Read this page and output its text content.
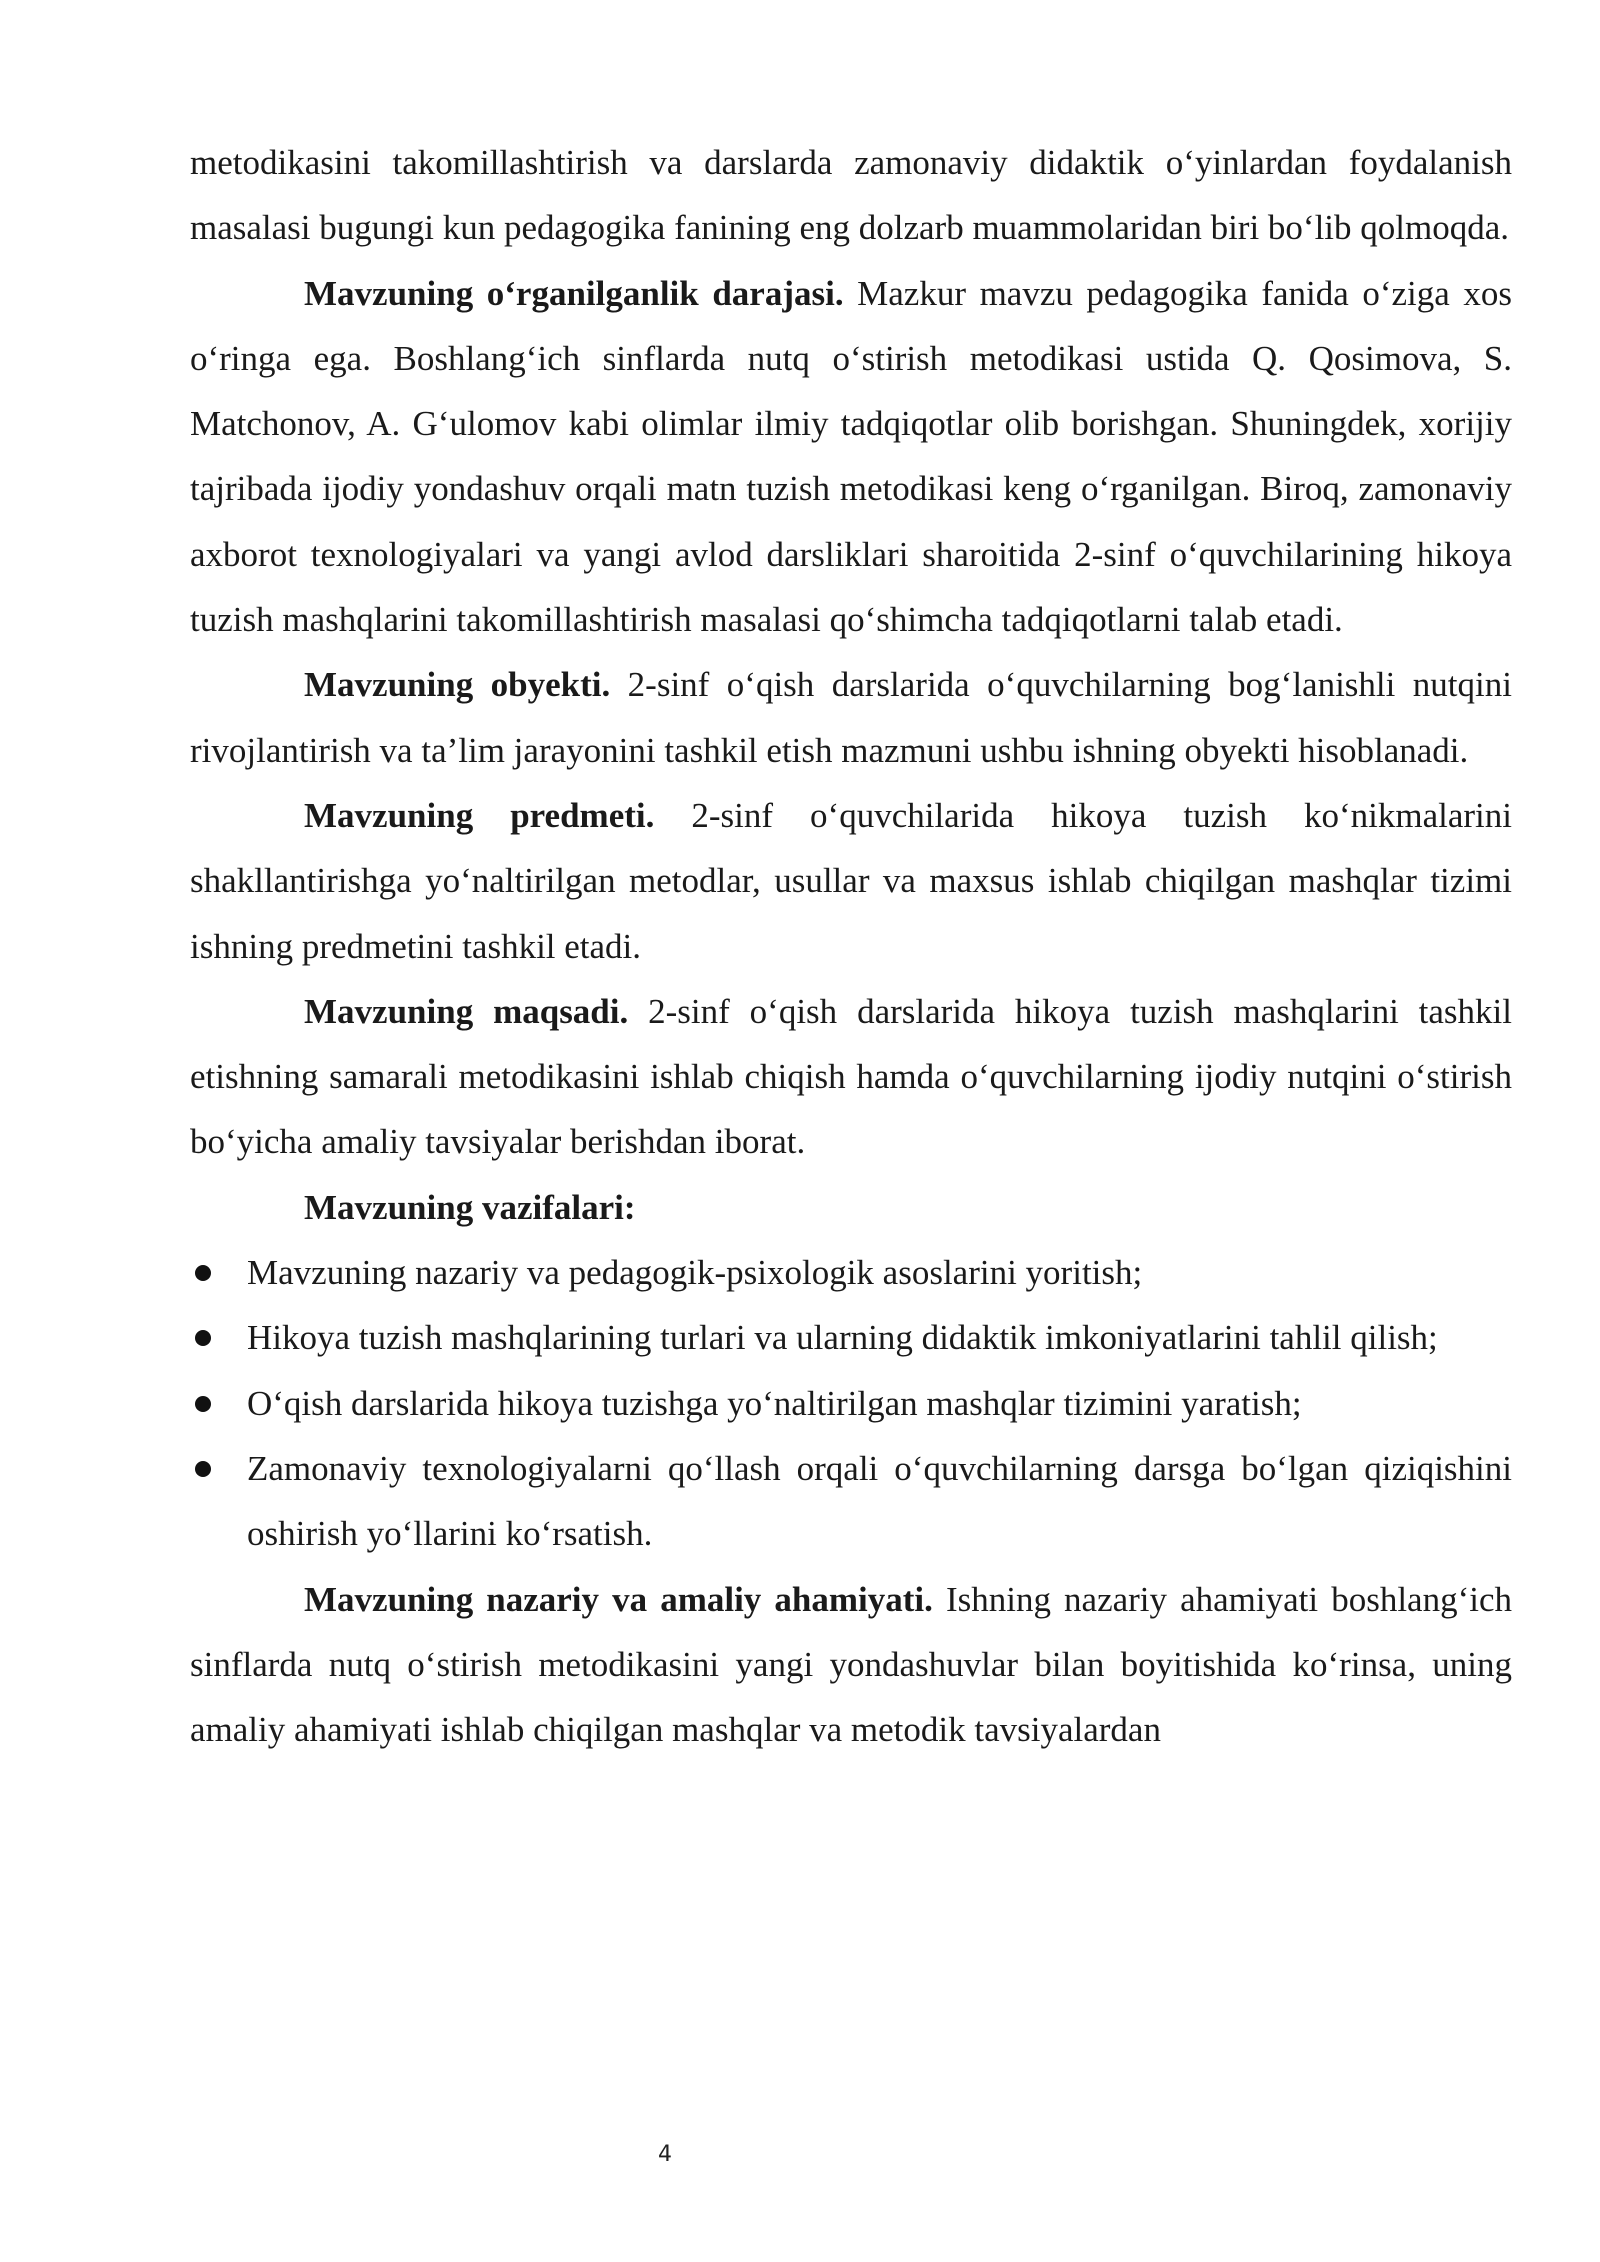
metodikasini takomillashtirish va darslarda zamonaviy didaktik o‘yinlardan foydalanish masalasi bugungi kun pedagogika fanining eng dolzarb muammolaridan biri bo‘lib qolmoqda.

Mavzuning o‘rganilganlik darajasi. Mazkur mavzu pedagogika fanida o‘ziga xos o‘ringa ega. Boshlang‘ich sinflarda nutq o‘stirish metodikasi ustida Q. Qosimova, S. Matchonov, A. G‘ulomov kabi olimlar ilmiy tadqiqotlar olib borishgan. Shuningdek, xorijiy tajribada ijodiy yondashuv orqali matn tuzish metodikasi keng o‘rganilgan. Biroq, zamonaviy axborot texnologiyalari va yangi avlod darsliklari sharoitida 2-sinf o‘quvchilarining hikoya tuzish mashqlarini takomillashtirish masalasi qo‘shimcha tadqiqotlarni talab etadi.

Mavzuning obyekti. 2-sinf o‘qish darslarida o‘quvchilarning bog‘lanishli nutqini rivojlantirish va ta’lim jarayonini tashkil etish mazmuni ushbu ishning obyekti hisoblanadi.

Mavzuning predmeti. 2-sinf o‘quvchilarida hikoya tuzish ko‘nikmalarini shakllantirishga yo‘naltirilgan metodlar, usullar va maxsus ishlab chiqilgan mashqlar tizimi ishning predmetini tashkil etadi.

Mavzuning maqsadi. 2-sinf o‘qish darslarida hikoya tuzish mashqlarini tashkil etishning samarali metodikasini ishlab chiqish hamda o‘quvchilarning ijodiy nutqini o‘stirish bo‘yicha amaliy tavsiyalar berishdan iborat.

Mavzuning vazifalari:

Mavzuning nazariy va pedagogik-psixologik asoslarini yoritish;
Hikoya tuzish mashqlarining turlari va ularning didaktik imkoniyatlarini tahlil qilish;
O‘qish darslarida hikoya tuzishga yo‘naltirilgan mashqlar tizimini yaratish;
Zamonaviy texnologiyalarni qo‘llash orqali o‘quvchilarning darsga bo‘lgan qiziqishini oshirish yo‘llarini ko‘rsatish.

Mavzuning nazariy va amaliy ahamiyati. Ishning nazariy ahamiyati boshlang‘ich sinflarda nutq o‘stirish metodikasini yangi yondashuvlar bilan boyitishida ko‘rinsa, uning amaliy ahamiyati ishlab chiqilgan mashqlar va metodik tavsiyalardan

4
